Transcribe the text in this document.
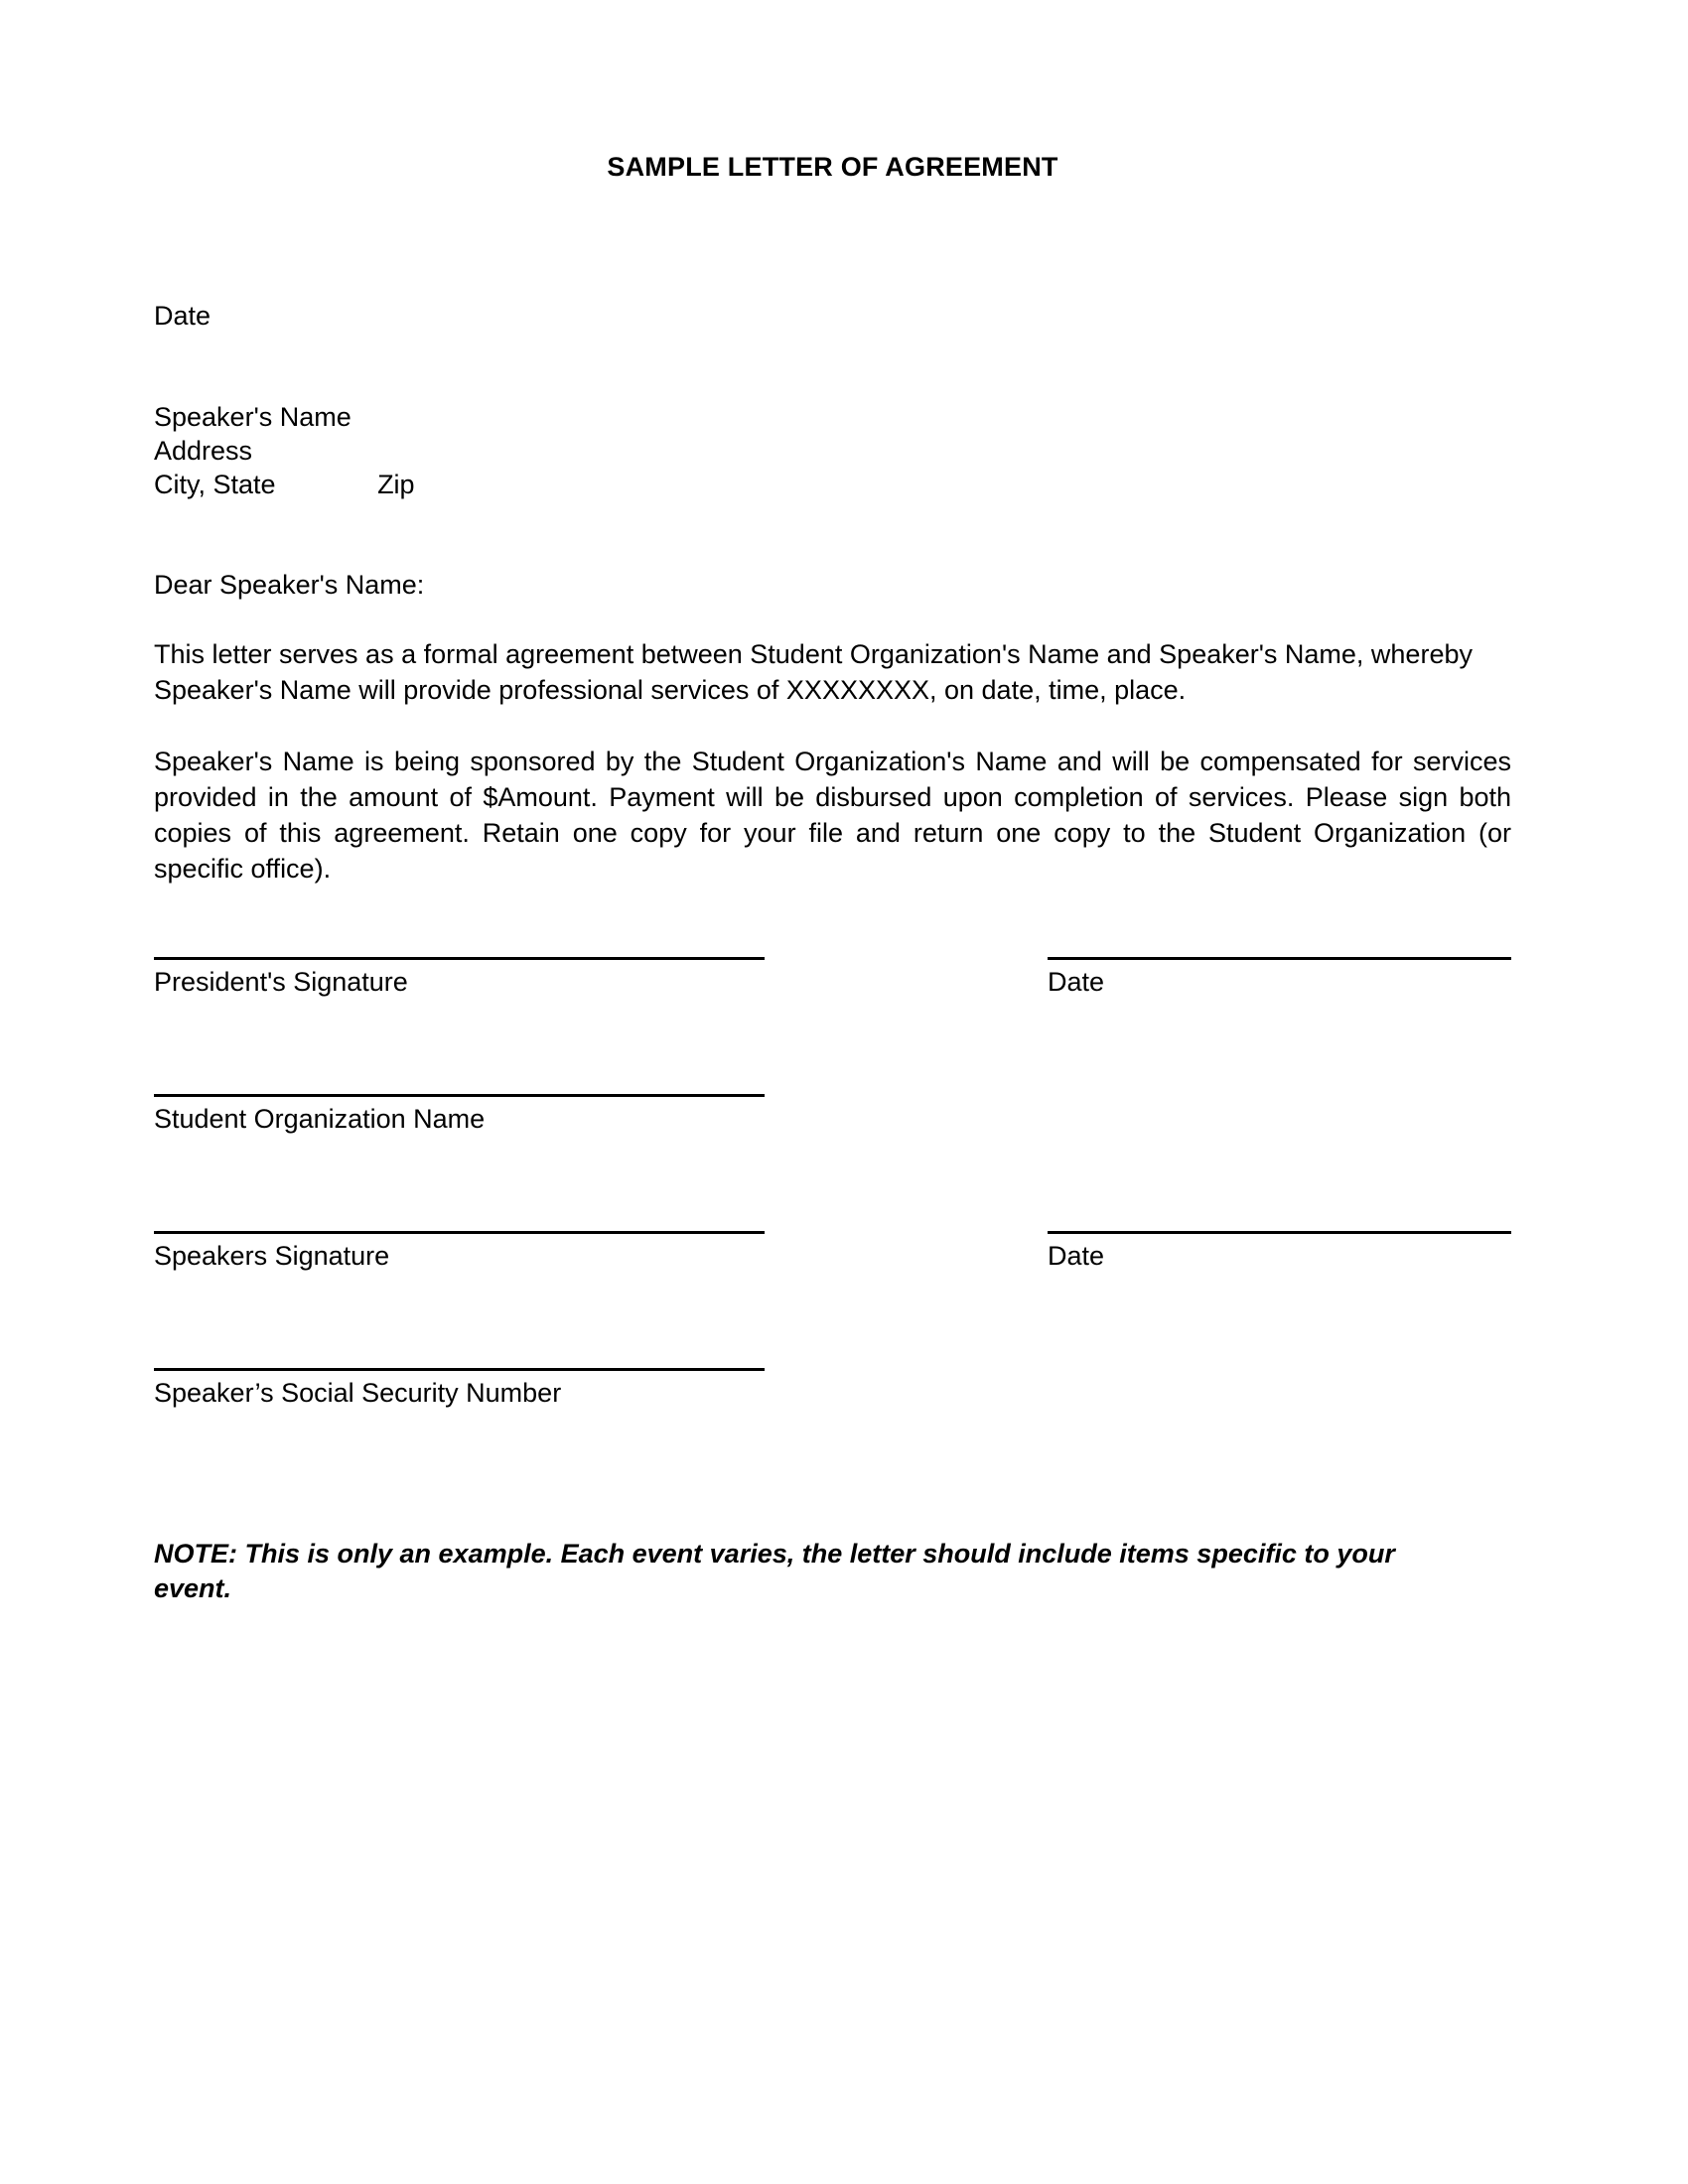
SAMPLE LETTER OF AGREEMENT
Date
Speaker's Name
Address
City, State		Zip
Dear Speaker's Name:
This letter serves as a formal agreement between Student Organization's Name and Speaker's Name, whereby Speaker's Name will provide professional services of XXXXXXXX, on date, time, place.
Speaker's Name is being sponsored by the Student Organization's Name and will be compensated for services provided in the amount of $Amount. Payment will be disbursed upon completion of services. Please sign both copies of this agreement. Retain one copy for your file and return one copy to the Student Organization (or specific office).
President's Signature	Date
Student Organization Name
Speakers Signature	Date
Speaker’s Social Security Number
NOTE: This is only an example. Each event varies, the letter should include items specific to your event.
